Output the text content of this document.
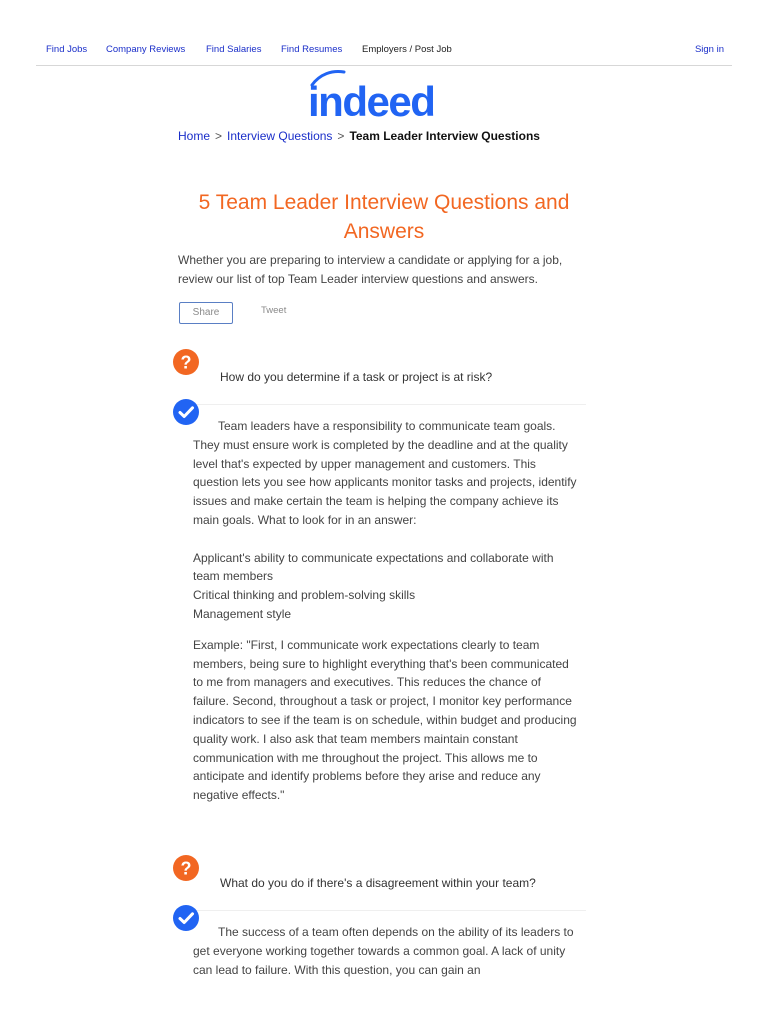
Find Jobs Company Reviews Find Salaries Find Resumes Employers / Post Job	Sign in
indeed
Home > Interview Questions > Team Leader Interview Questions
5 Team Leader Interview Questions and Answers

Whether you are preparing to interview a candidate or applying for a job, review our list of top Team Leader interview questions and answers.

Share	Tweet
?
How do you determine if a task or project is at risk?

Team leaders have a responsibility to communicate team goals. They must ensure work is completed by the deadline and at the quality level that's expected by upper management and customers. This question lets you see how applicants monitor tasks and projects, identify issues and make certain the team is helping the company achieve its main goals. What to look for in an answer:

Applicant's ability to communicate expectations and collaborate with team members
Critical thinking and problem-solving skills
Management style

Example: "First, I communicate work expectations clearly to team members, being sure to highlight everything that's been communicated to me from managers and executives. This reduces the chance of failure. Second, throughout a task or project, I monitor key performance indicators to see if the team is on schedule, within budget and producing quality work. I also ask that team members maintain constant communication with me throughout the project. This allows me to anticipate and identify problems before they arise and reduce any negative effects."

?
What do you do if there's a disagreement within your team?

The success of a team often depends on the ability of its leaders to get everyone working together towards a common goal. A lack of unity can lead to failure. With this question, you can gain an
